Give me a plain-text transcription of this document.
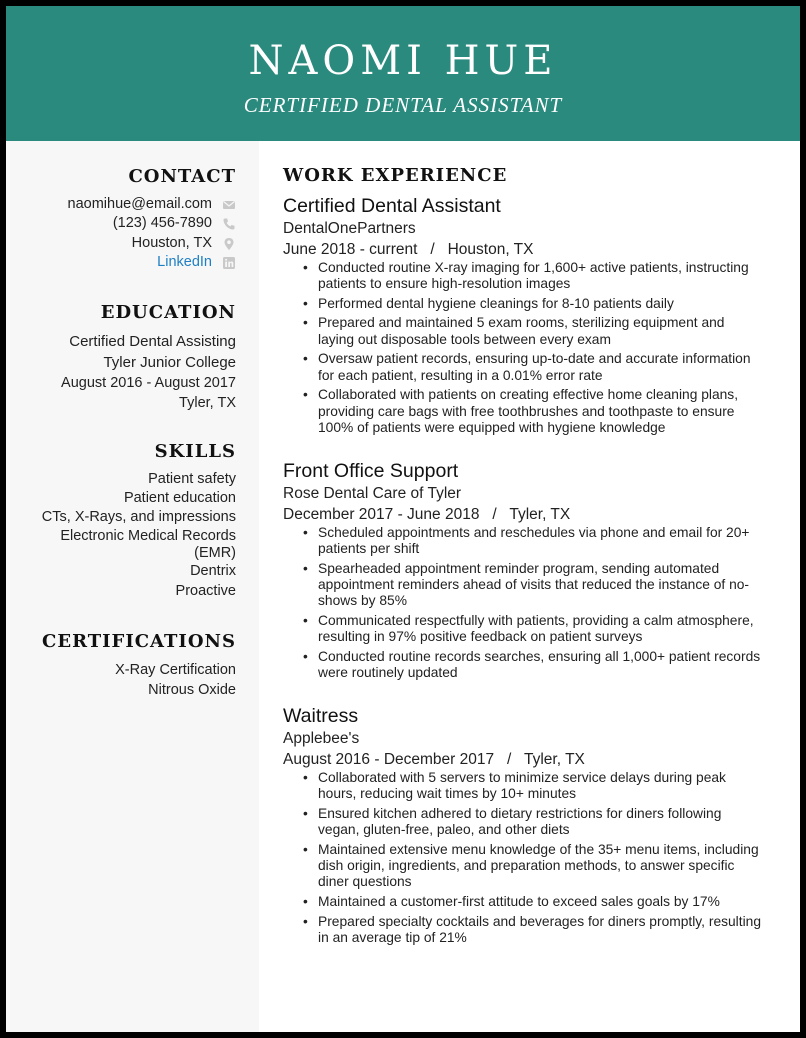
NAOMI HUE
CERTIFIED DENTAL ASSISTANT
CONTACT
naomihue@email.com
(123) 456-7890
Houston, TX
LinkedIn
EDUCATION
Certified Dental Assisting
Tyler Junior College
August 2016 - August 2017
Tyler, TX
SKILLS
Patient safety
Patient education
CTs, X-Rays, and impressions
Electronic Medical Records
(EMR)
Dentrix
Proactive
CERTIFICATIONS
X-Ray Certification
Nitrous Oxide
WORK EXPERIENCE
Certified Dental Assistant
DentalOnePartners
June 2018 - current   /   Houston, TX
• Conducted routine X-ray imaging for 1,600+ active patients, instructing patients to ensure high-resolution images
• Performed dental hygiene cleanings for 8-10 patients daily
• Prepared and maintained 5 exam rooms, sterilizing equipment and laying out disposable tools between every exam
• Oversaw patient records, ensuring up-to-date and accurate information for each patient, resulting in a 0.01% error rate
• Collaborated with patients on creating effective home cleaning plans, providing care bags with free toothbrushes and toothpaste to ensure 100% of patients were equipped with hygiene knowledge
Front Office Support
Rose Dental Care of Tyler
December 2017 - June 2018   /   Tyler, TX
• Scheduled appointments and reschedules via phone and email for 20+ patients per shift
• Spearheaded appointment reminder program, sending automated appointment reminders ahead of visits that reduced the instance of no-shows by 85%
• Communicated respectfully with patients, providing a calm atmosphere, resulting in 97% positive feedback on patient surveys
• Conducted routine records searches, ensuring all 1,000+ patient records were routinely updated
Waitress
Applebee's
August 2016 - December 2017   /   Tyler, TX
• Collaborated with 5 servers to minimize service delays during peak hours, reducing wait times by 10+ minutes
• Ensured kitchen adhered to dietary restrictions for diners following vegan, gluten-free, paleo, and other diets
• Maintained extensive menu knowledge of the 35+ menu items, including dish origin, ingredients, and preparation methods, to answer specific diner questions
• Maintained a customer-first attitude to exceed sales goals by 17%
• Prepared specialty cocktails and beverages for diners promptly, resulting in an average tip of 21%
